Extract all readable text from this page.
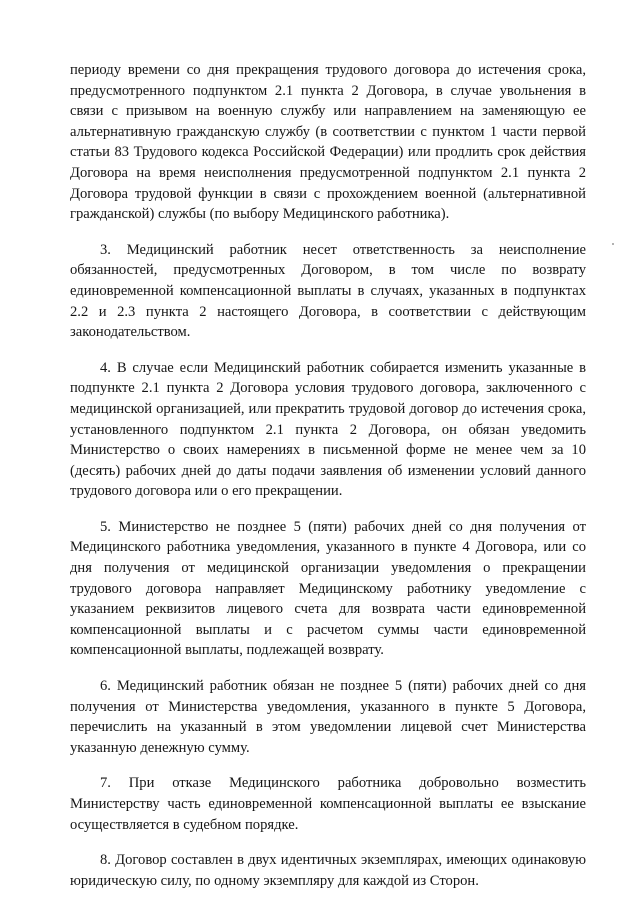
периоду времени со дня прекращения трудового договора до истечения срока, предусмотренного подпунктом 2.1 пункта 2 Договора, в случае увольнения в связи с призывом на военную службу или направлением на заменяющую ее альтернативную гражданскую службу (в соответствии с пунктом 1 части первой статьи 83 Трудового кодекса Российской Федерации) или продлить срок действия Договора на время неисполнения предусмотренной подпунктом 2.1 пункта 2 Договора трудовой функции в связи с прохождением военной (альтернативной гражданской) службы (по выбору Медицинского работника).

3. Медицинский работник несет ответственность за неисполнение обязанностей, предусмотренных Договором, в том числе по возврату единовременной компенсационной выплаты в случаях, указанных в подпунктах 2.2 и 2.3 пункта 2 настоящего Договора, в соответствии с действующим законодательством.

4. В случае если Медицинский работник собирается изменить указанные в подпункте 2.1 пункта 2 Договора условия трудового договора, заключенного с медицинской организацией, или прекратить трудовой договор до истечения срока, установленного подпунктом 2.1 пункта 2 Договора, он обязан уведомить Министерство о своих намерениях в письменной форме не менее чем за 10 (десять) рабочих дней до даты подачи заявления об изменении условий данного трудового договора или о его прекращении.

5. Министерство не позднее 5 (пяти) рабочих дней со дня получения от Медицинского работника уведомления, указанного в пункте 4 Договора, или со дня получения от медицинской организации уведомления о прекращении трудового договора направляет Медицинскому работнику уведомление с указанием реквизитов лицевого счета для возврата части единовременной компенсационной выплаты и с расчетом суммы части единовременной компенсационной выплаты, подлежащей возврату.

6. Медицинский работник обязан не позднее 5 (пяти) рабочих дней со дня получения от Министерства уведомления, указанного в пункте 5 Договора, перечислить на указанный в этом уведомлении лицевой счет Министерства указанную денежную сумму.

7. При отказе Медицинского работника добровольно возместить Министерству часть единовременной компенсационной выплаты ее взыскание осуществляется в судебном порядке.

8. Договор составлен в двух идентичных экземплярах, имеющих одинаковую юридическую силу, по одному экземпляру для каждой из Сторон.
